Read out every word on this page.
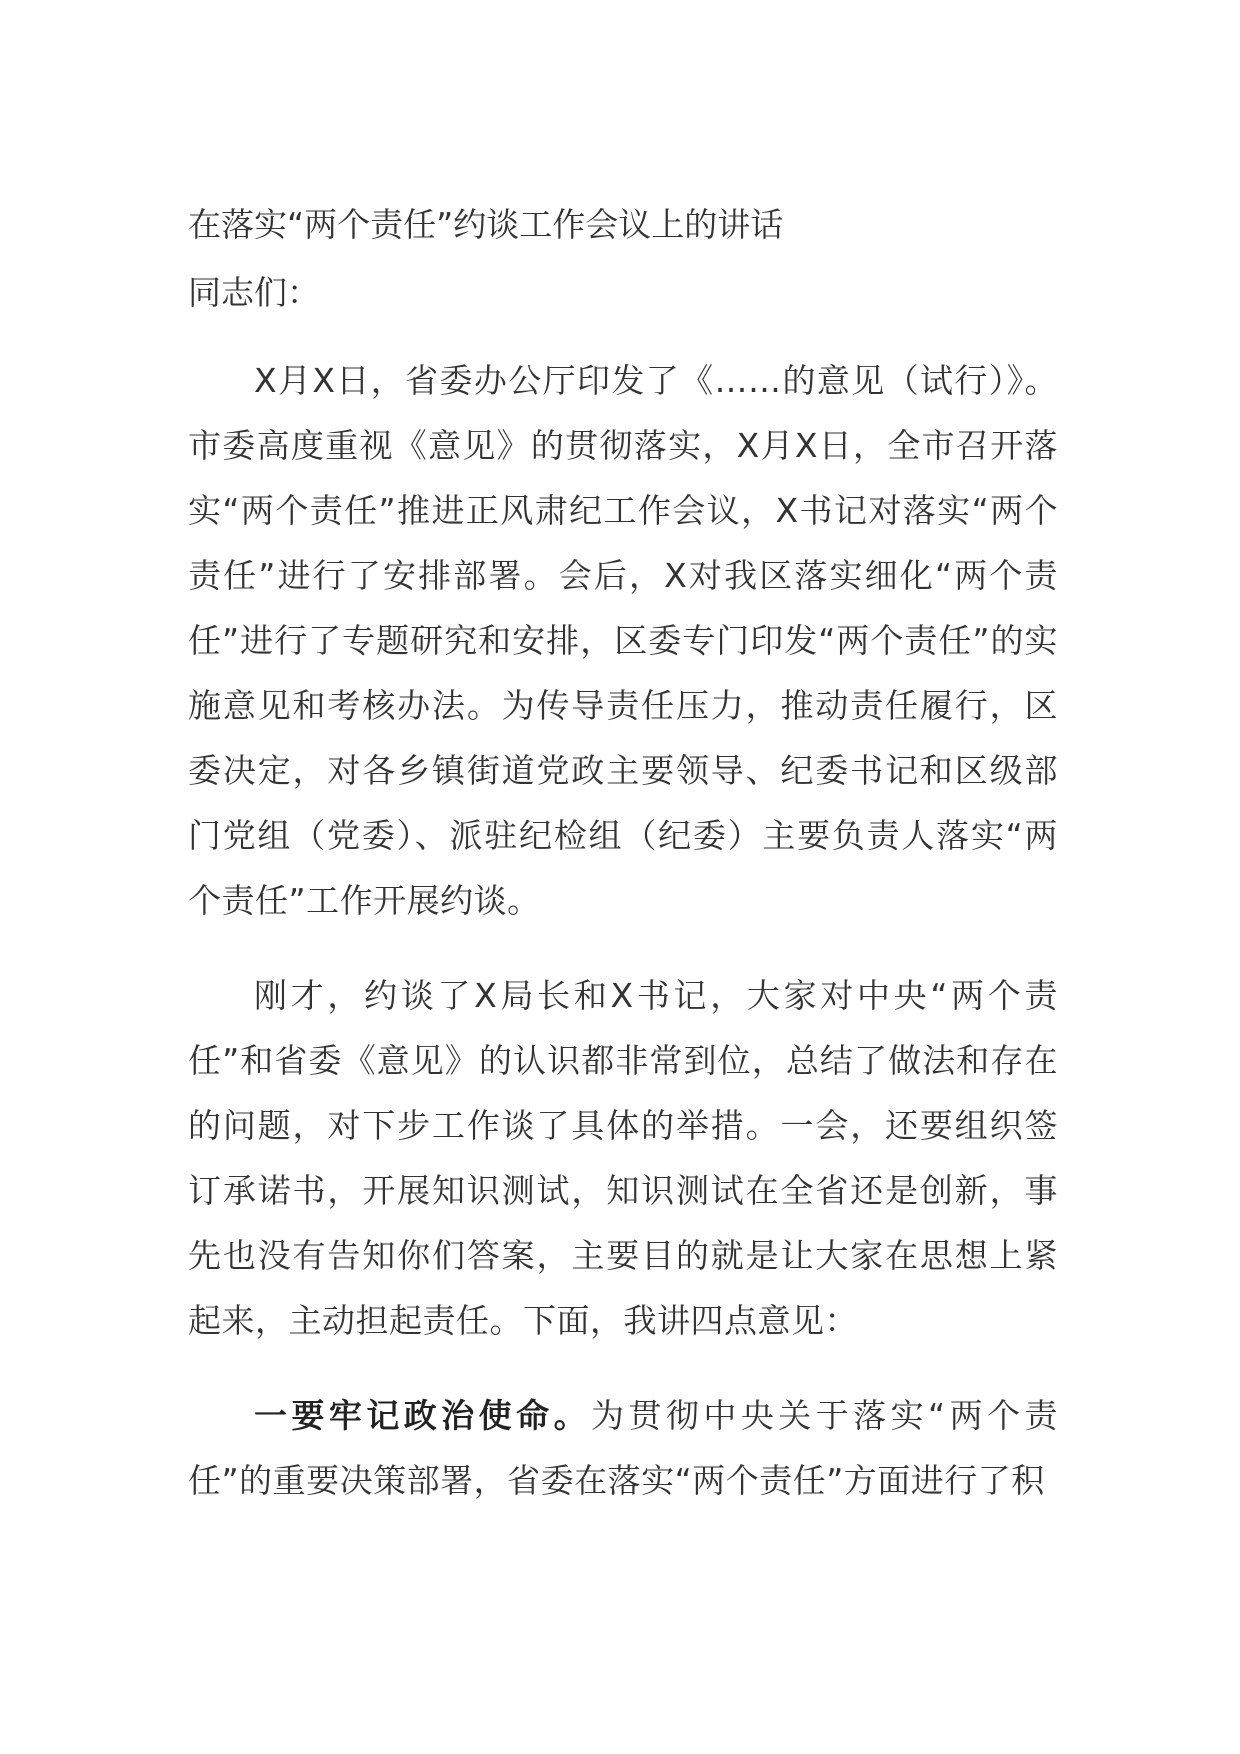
在落实“两个责任”约谈工作会议上的讲话
同志们：

X月X日，省委办公厅印发了《……的意见（试行）》。市委高度重视《意见》的贯彻落实，X月X日，全市召开落实“两个责任”推进正风肃纪工作会议，X书记对落实“两个责任”进行了安排部署。会后，X对我区落实细化“两个责任”进行了专题研究和安排，区委专门印发“两个责任”的实施意见和考核办法。为传导责任压力，推动责任履行，区委决定，对各乡镇街道党政主要领导、纪委书记和区级部门党组（党委）、派驻纪检组（纪委）主要负责人落实“两个责任”工作开展约谈。

刚才，约谈了X局长和X书记，大家对中央“两个责任”和省委《意见》的认识都非常到位，总结了做法和存在的问题，对下步工作谈了具体的举措。一会，还要组织签订承诺书，开展知识测试，知识测试在全省还是创新，事先也没有告知你们答案，主要目的就是让大家在思想上紧起来，主动担起责任。下面，我讲四点意见：

一要牢记政治使命。为贯彻中央关于落实“两个责任”的重要决策部署，省委在落实“两个责任”方面进行了积
